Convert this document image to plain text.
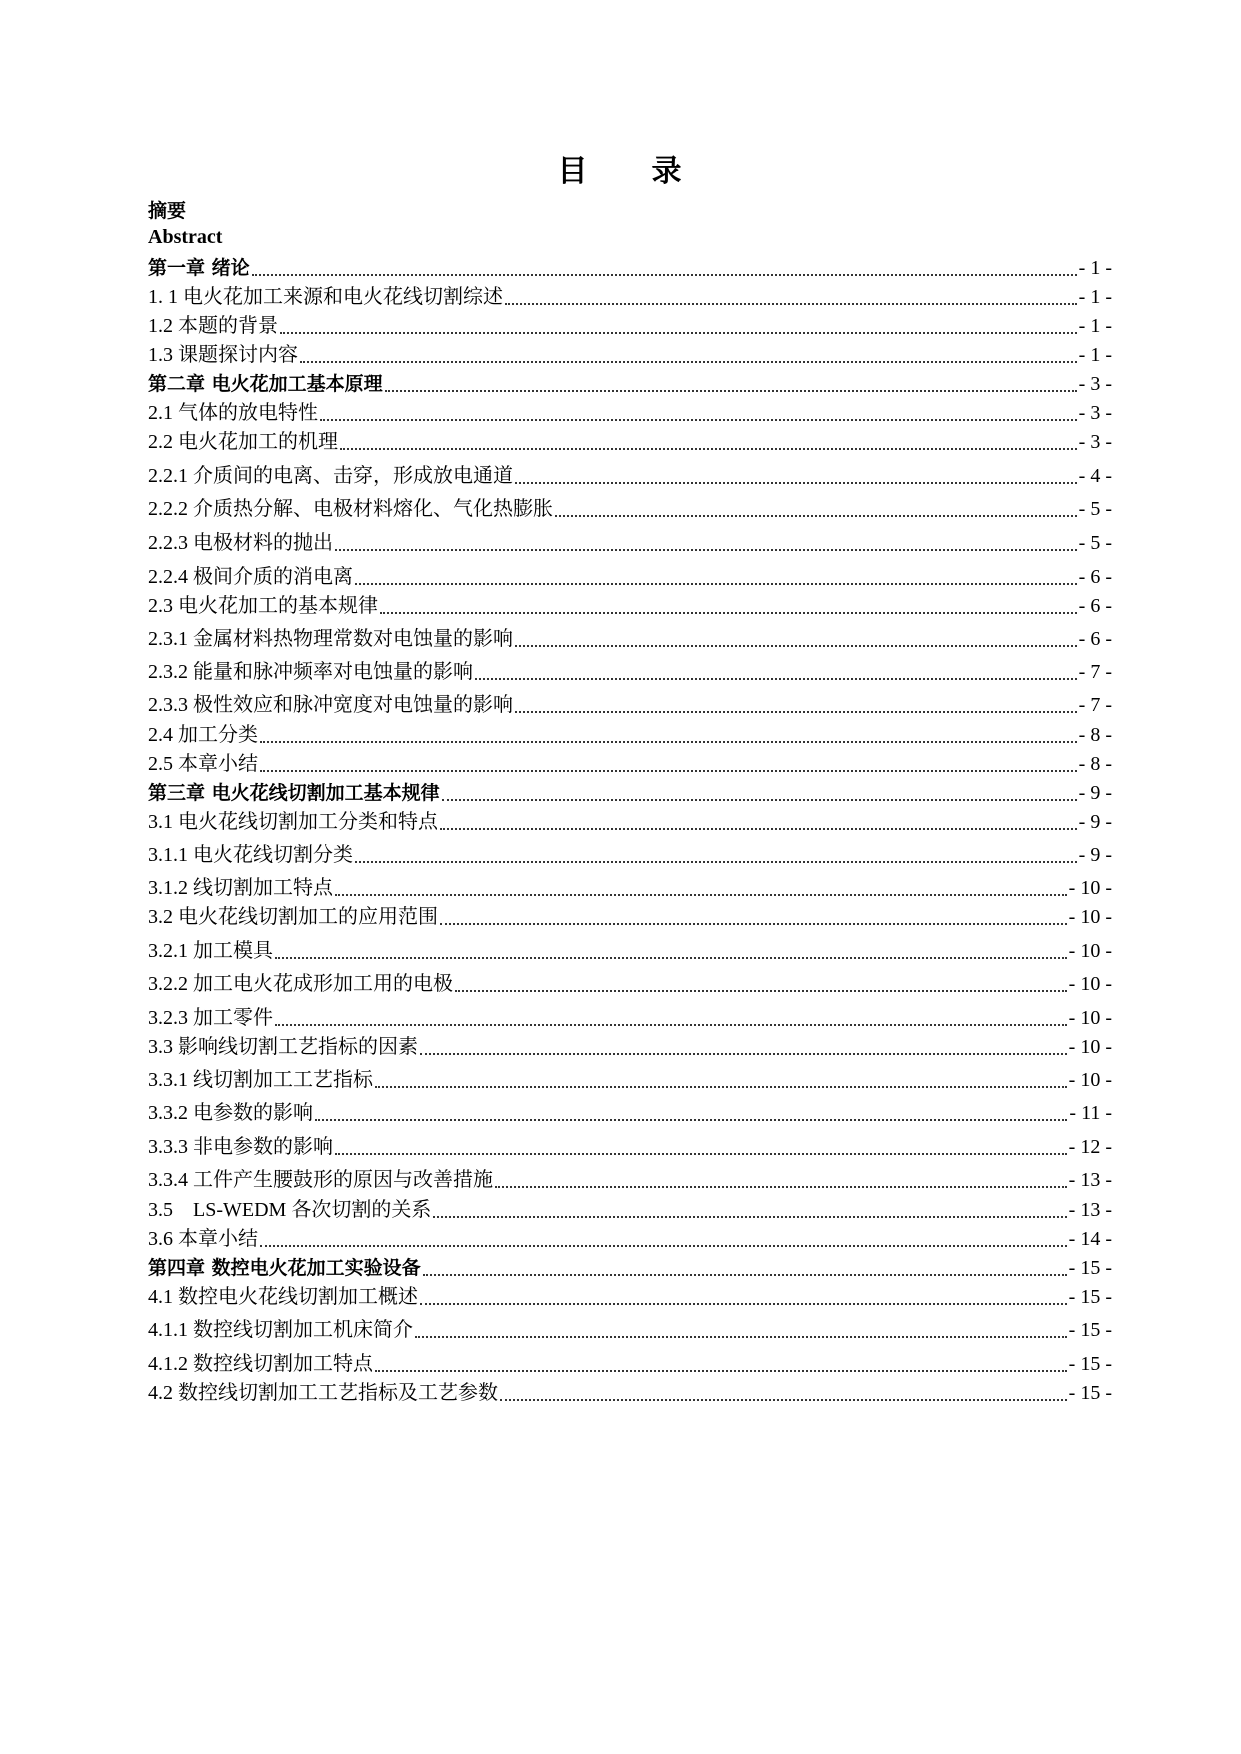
目 录
摘要
Abstract
第一章 绪论	- 1 -
1. 1 电火花加工来源和电火花线切割综述	- 1 -
1.2 本题的背景	- 1 -
1.3 课题探讨内容	- 1 -
第二章 电火花加工基本原理	- 3 -
2.1 气体的放电特性	- 3 -
2.2 电火花加工的机理	- 3 -
2.2.1 介质间的电离、击穿，形成放电通道	- 4 -
2.2.2 介质热分解、电极材料熔化、气化热膨胀	- 5 -
2.2.3 电极材料的抛出	- 5 -
2.2.4 极间介质的消电离	- 6 -
2.3 电火花加工的基本规律	- 6 -
2.3.1 金属材料热物理常数对电蚀量的影响	- 6 -
2.3.2 能量和脉冲频率对电蚀量的影响	- 7 -
2.3.3 极性效应和脉冲宽度对电蚀量的影响	- 7 -
2.4 加工分类	- 8 -
2.5 本章小结	- 8 -
第三章 电火花线切割加工基本规律	- 9 -
3.1 电火花线切割加工分类和特点	- 9 -
3.1.1 电火花线切割分类	- 9 -
3.1.2 线切割加工特点	- 10 -
3.2 电火花线切割加工的应用范围	- 10 -
3.2.1 加工模具	- 10 -
3.2.2 加工电火花成形加工用的电极	- 10 -
3.2.3 加工零件	- 10 -
3.3 影响线切割工艺指标的因素	- 10 -
3.3.1 线切割加工工艺指标	- 10 -
3.3.2 电参数的影响	- 11 -
3.3.3 非电参数的影响	- 12 -
3.3.4 工件产生腰鼓形的原因与改善措施	- 13 -
3.5    LS-WEDM 各次切割的关系	- 13 -
3.6 本章小结	- 14 -
第四章 数控电火花加工实验设备	- 15 -
4.1 数控电火花线切割加工概述	- 15 -
4.1.1 数控线切割加工机床简介	- 15 -
4.1.2 数控线切割加工特点	- 15 -
4.2 数控线切割加工工艺指标及工艺参数	- 15 -
